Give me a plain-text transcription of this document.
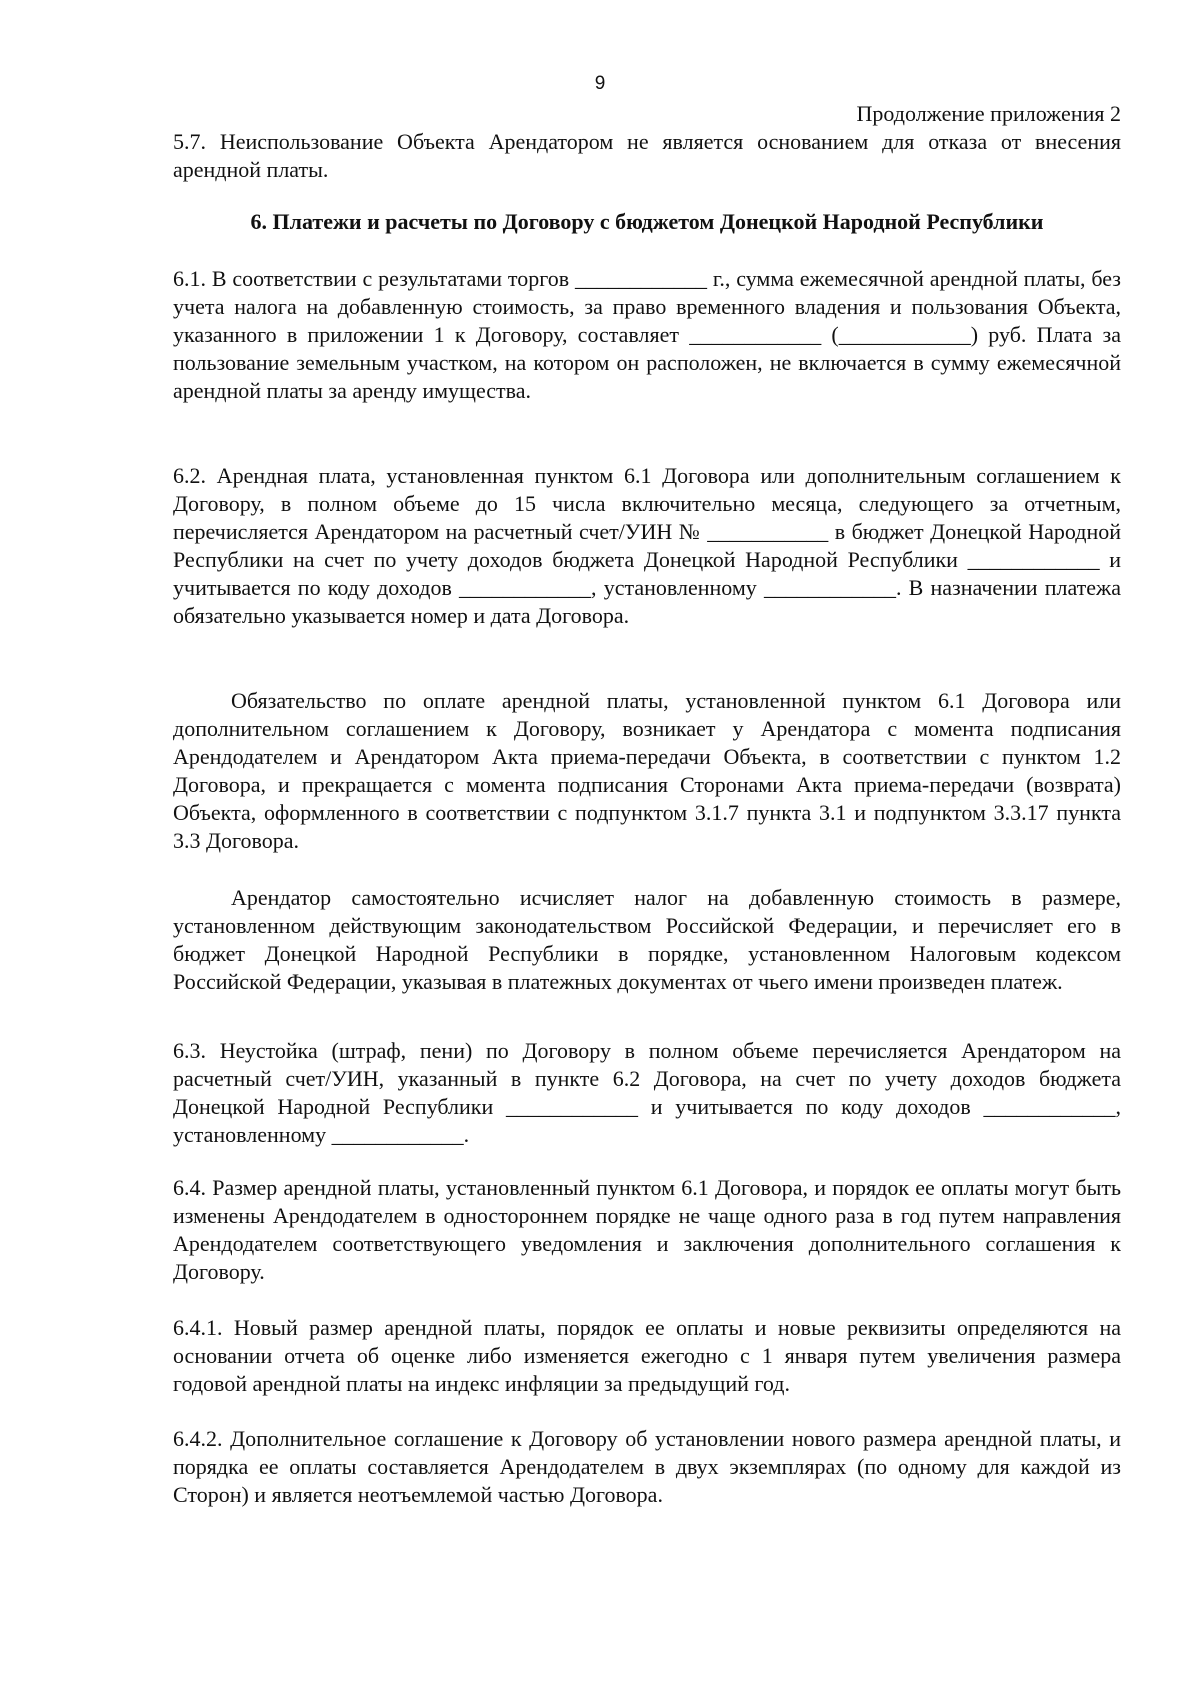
9
Продолжение приложения 2

5.7. Неиспользование Объекта Арендатором не является основанием для отказа от внесения арендной платы.

6. Платежи и расчеты по Договору с бюджетом Донецкой Народной Республики

6.1. В соответствии с результатами торгов ____________ г., сумма ежемесячной арендной платы, без учета налога на добавленную стоимость, за право временного владения и пользования Объекта, указанного в приложении 1 к Договору, составляет ____________ (____________) руб. Плата за пользование земельным участком, на котором он расположен, не включается в сумму ежемесячной арендной платы за аренду имущества.

6.2. Арендная плата, установленная пунктом 6.1 Договора или дополнительным соглашением к Договору, в полном объеме до 15 числа включительно месяца, следующего за отчетным, перечисляется Арендатором на расчетный счет/УИН № ___________ в бюджет Донецкой Народной Республики на счет по учету доходов бюджета Донецкой Народной Республики ____________ и учитывается по коду доходов ____________, установленному ____________. В назначении платежа обязательно указывается номер и дата Договора.

Обязательство по оплате арендной платы, установленной пунктом 6.1 Договора или дополнительном соглашением к Договору, возникает у Арендатора с момента подписания Арендодателем и Арендатором Акта приема-передачи Объекта, в соответствии с пунктом 1.2 Договора, и прекращается с момента подписания Сторонами Акта приема-передачи (возврата) Объекта, оформленного в соответствии с подпунктом 3.1.7 пункта 3.1 и подпунктом 3.3.17 пункта 3.3 Договора.

Арендатор самостоятельно исчисляет налог на добавленную стоимость в размере, установленном действующим законодательством Российской Федерации, и перечисляет его в бюджет Донецкой Народной Республики в порядке, установленном Налоговым кодексом Российской Федерации, указывая в платежных документах от чьего имени произведен платеж.

6.3. Неустойка (штраф, пени) по Договору в полном объеме перечисляется Арендатором на расчетный счет/УИН, указанный в пункте 6.2 Договора, на счет по учету доходов бюджета Донецкой Народной Республики ____________ и учитывается по коду доходов ____________, установленному ____________.

6.4. Размер арендной платы, установленный пунктом 6.1 Договора, и порядок ее оплаты могут быть изменены Арендодателем в одностороннем порядке не чаще одного раза в год путем направления Арендодателем соответствующего уведомления и заключения дополнительного соглашения к Договору.

6.4.1. Новый размер арендной платы, порядок ее оплаты и новые реквизиты определяются на основании отчета об оценке либо изменяется ежегодно с 1 января путем увеличения размера годовой арендной платы на индекс инфляции за предыдущий год.

6.4.2. Дополнительное соглашение к Договору об установлении нового размера арендной платы, и порядка ее оплаты составляется Арендодателем в двух экземплярах (по одному для каждой из Сторон) и является неотъемлемой частью Договора.
